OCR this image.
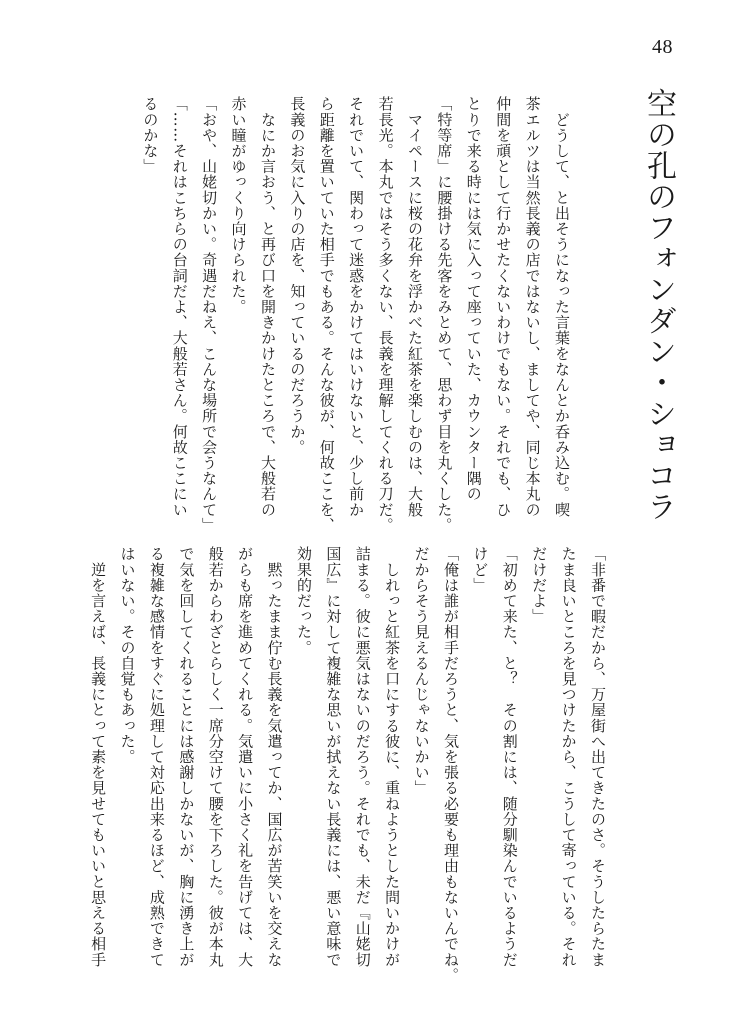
48
空の孔のフォンダン・ショコラ
　どうして、と出そうになった言葉をなんとか呑み込む。喫
茶エルツは当然長義の店ではないし、ましてや、同じ本丸の
仲間を頑として行かせたくないわけでもない。それでも、ひ
とりで来る時には気に入って座っていた、カウンター隅の
「特等席」に腰掛ける先客をみとめて、思わず目を丸くした。
　マイペースに桜の花弁を浮かべた紅茶を楽しむのは、大般
若長光。本丸ではそう多くない、長義を理解してくれる刀だ。
それでいて、関わって迷惑をかけてはいけないと、少し前か
ら距離を置いていた相手でもある。そんな彼が、何故ここを、
長義のお気に入りの店を、知っているのだろうか。
　なにか言おう、と再び口を開きかけたところで、大般若の
赤い瞳がゆっくり向けられた。
「おや、山姥切かい。奇遇だねえ、こんな場所で会うなんて」
「……それはこちらの台詞だよ、大般若さん。何故ここにい
るのかな」
「非番で暇だから、万屋街へ出てきたのさ。そうしたらたま
たま良いところを見つけたから、こうして寄っている。それ
だけだよ」
「初めて来た、と？　その割には、随分馴染んでいるようだ
けど」
「俺は誰が相手だろうと、気を張る必要も理由もないんでね。
だからそう見えるんじゃないかい」
　しれっと紅茶を口にする彼に、重ねようとした問いかけが
詰まる。彼に悪気はないのだろう。それでも、未だ『山姥切
国広』に対して複雑な思いが拭えない長義には、悪い意味で
効果的だった。
　黙ったまま佇む長義を気遣ってか、国広が苦笑いを交えな
がらも席を進めてくれる。気遣いに小さく礼を告げては、大
般若からわざとらしく一席分空けて腰を下ろした。彼が本丸
で気を回してくれることには感謝しかないが、胸に湧き上が
る複雑な感情をすぐに処理して対応出来るほど、成熟できて
はいない。その自覚もあった。
　逆を言えば、長義にとって素を見せてもいいと思える相手
